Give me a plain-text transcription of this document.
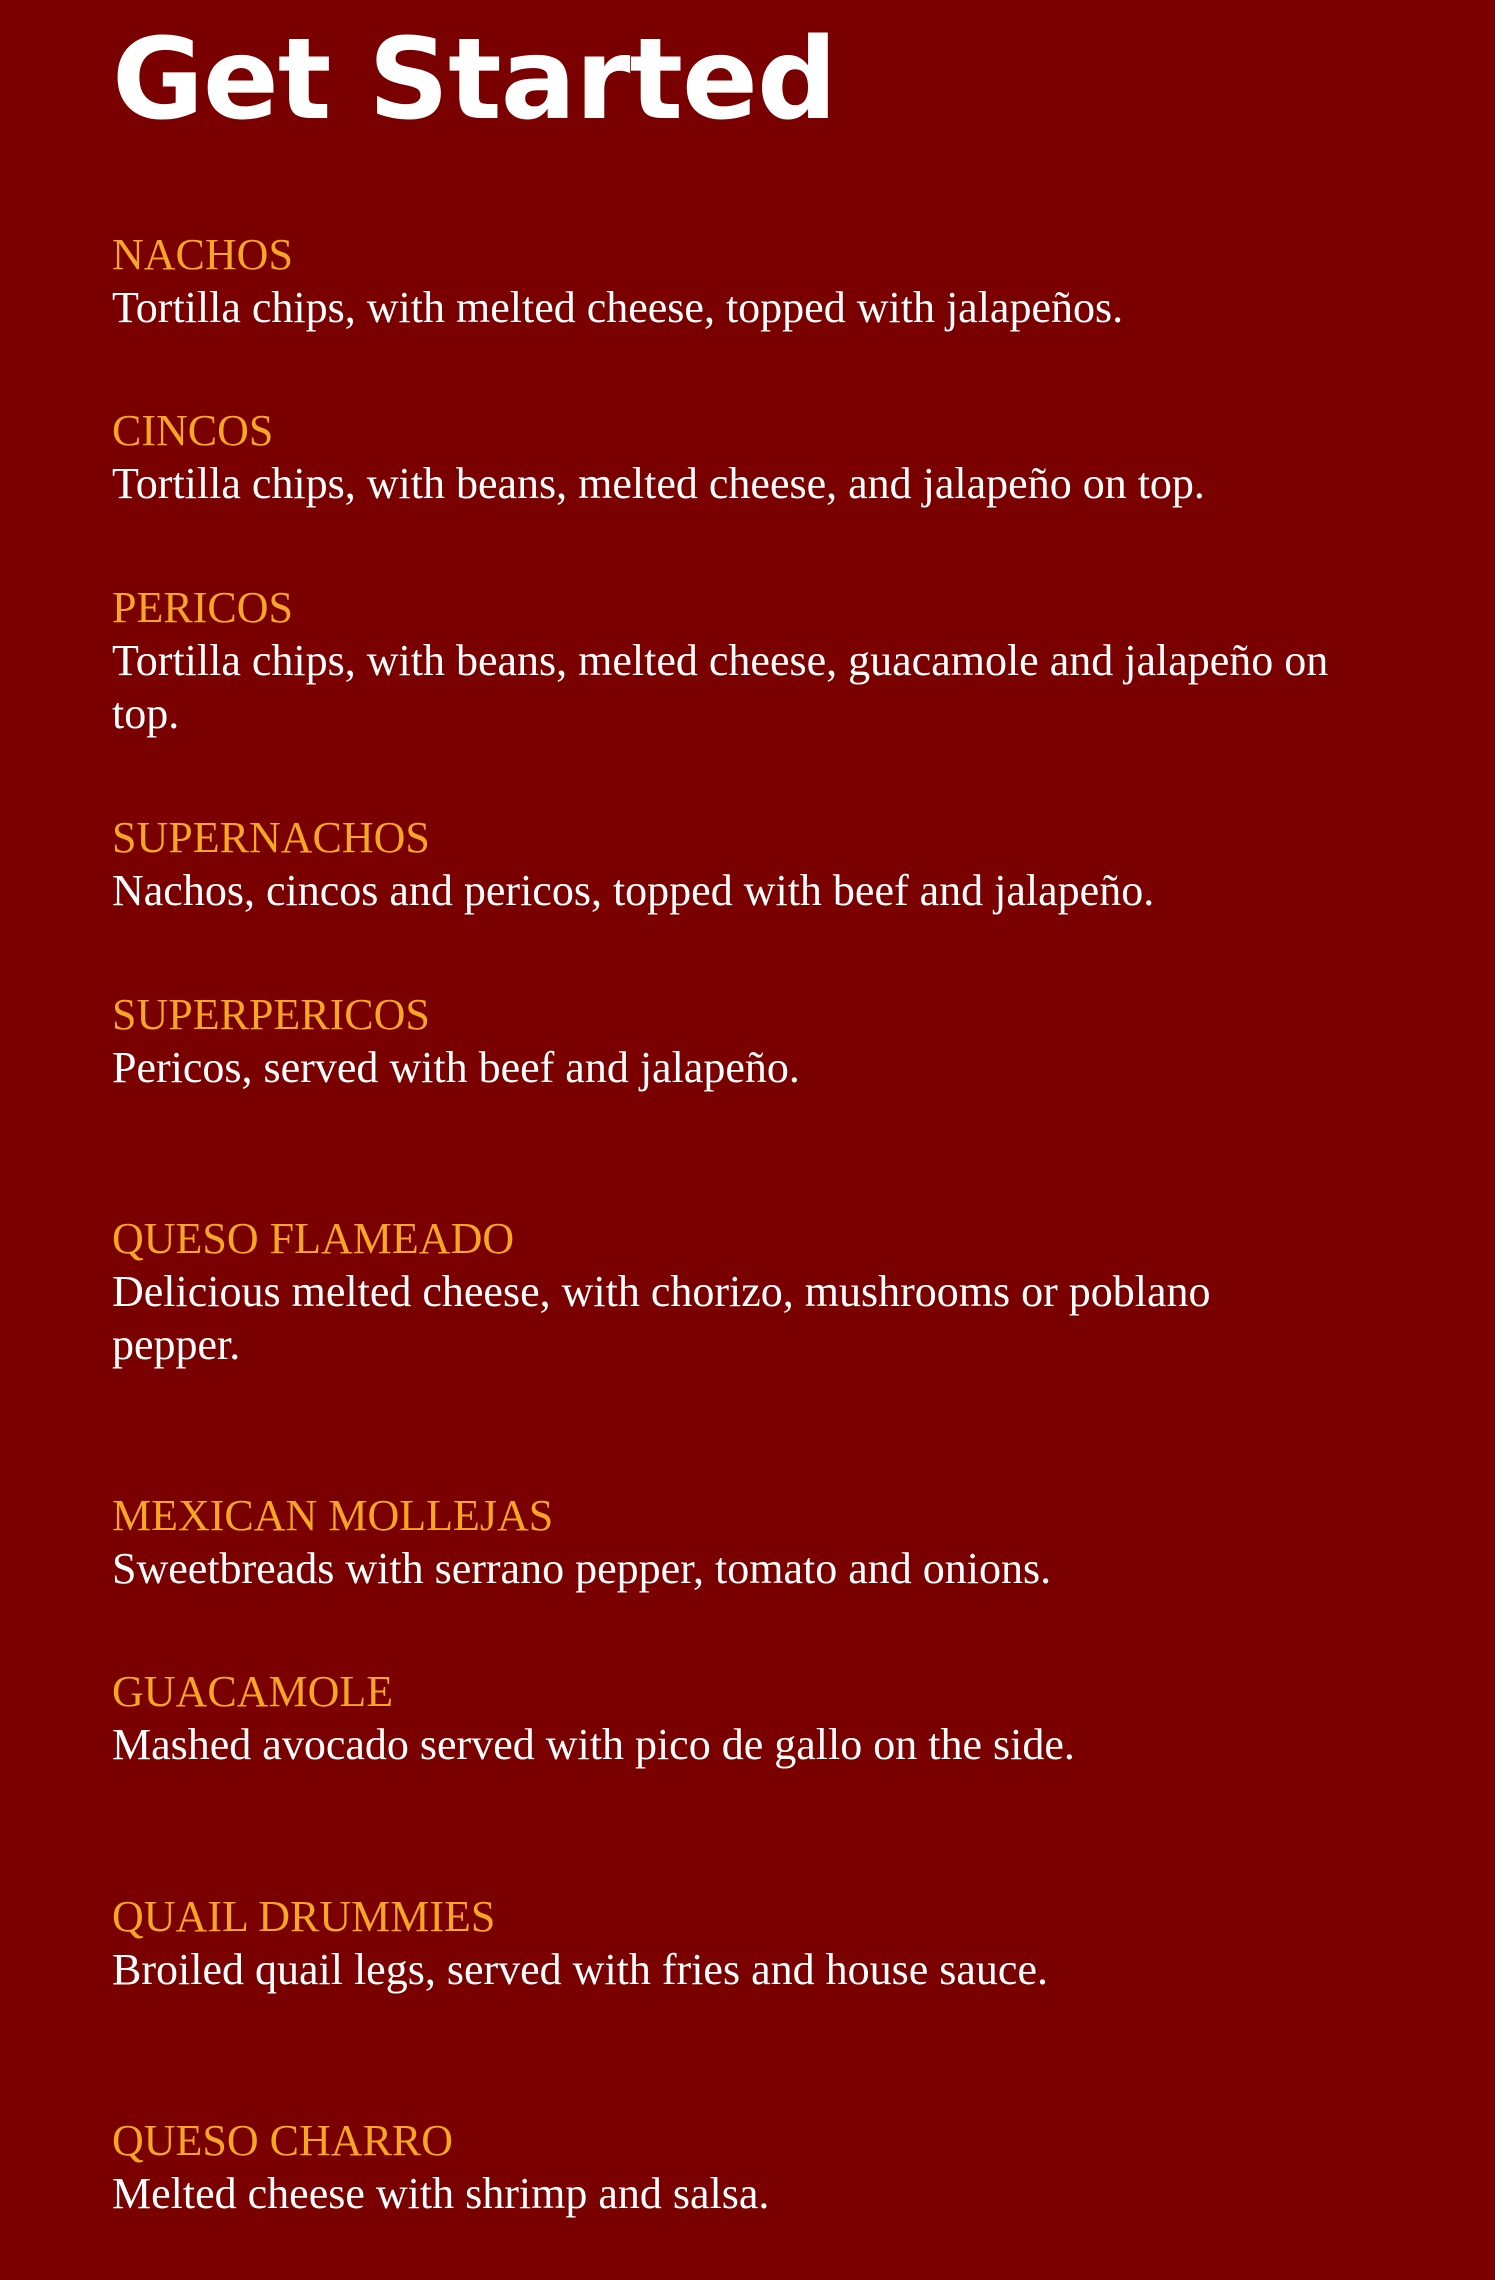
Get Started
NACHOS
Tortilla chips, with melted cheese, topped with jalapeños.
CINCOS
Tortilla chips, with beans, melted cheese, and jalapeño on top.
PERICOS
Tortilla chips, with beans, melted cheese, guacamole and jalapeño on top.
SUPERNACHOS
Nachos, cincos and pericos, topped with beef and jalapeño.
SUPERPERICOS
Pericos, served with beef and jalapeño.
QUESO FLAMEADO
Delicious melted cheese, with chorizo, mushrooms or poblano pepper.
MEXICAN MOLLEJAS
Sweetbreads with serrano pepper, tomato and onions.
GUACAMOLE
Mashed avocado served with pico de gallo on the side.
QUAIL DRUMMIES
Broiled quail legs, served with fries and house sauce.
QUESO CHARRO
Melted cheese with shrimp and salsa.
